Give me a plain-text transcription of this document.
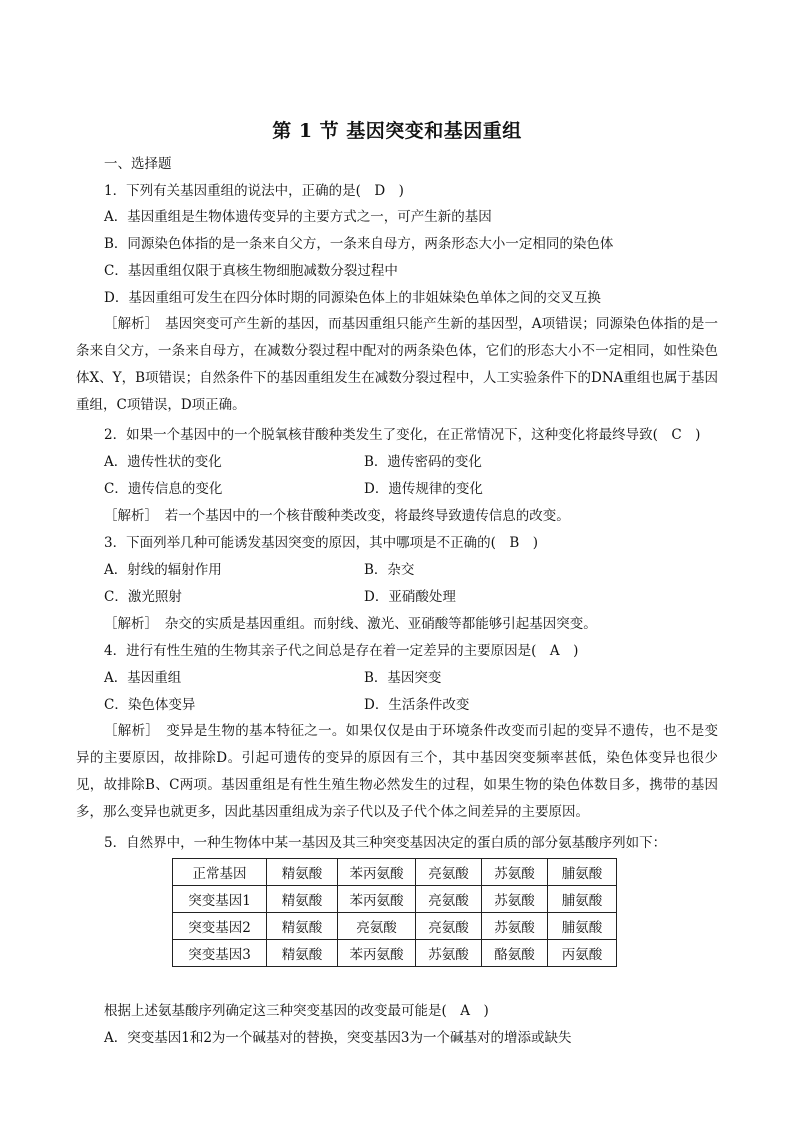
第 1 节 基因突变和基因重组
一、选择题
1．下列有关基因重组的说法中，正确的是(　D　)
A．基因重组是生物体遗传变异的主要方式之一，可产生新的基因
B．同源染色体指的是一条来自父方，一条来自母方，两条形态大小一定相同的染色体
C．基因重组仅限于真核生物细胞减数分裂过程中
D．基因重组可发生在四分体时期的同源染色体上的非姐妹染色单体之间的交叉互换
［解析］　基因突变可产生新的基因，而基因重组只能产生新的基因型，A项错误；同源染色体指的是一条来自父方，一条来自母方，在减数分裂过程中配对的两条染色体，它们的形态大小不一定相同，如性染色体X、Y，B项错误；自然条件下的基因重组发生在减数分裂过程中，人工实验条件下的DNA重组也属于基因重组，C项错误，D项正确。
2．如果一个基因中的一个脱氧核苷酸种类发生了变化，在正常情况下，这种变化将最终导致(　C　)
A．遗传性状的变化	B．遗传密码的变化
C．遗传信息的变化	D．遗传规律的变化
［解析］　若一个基因中的一个核苷酸种类改变，将最终导致遗传信息的改变。
3．下面列举几种可能诱发基因突变的原因，其中哪项是不正确的(　B　)
A．射线的辐射作用	B．杂交
C．激光照射	D．亚硝酸处理
［解析］　杂交的实质是基因重组。而射线、激光、亚硝酸等都能够引起基因突变。
4．进行有性生殖的生物其亲子代之间总是存在着一定差异的主要原因是(　A　)
A．基因重组	B．基因突变
C．染色体变异	D．生活条件改变
［解析］　变异是生物的基本特征之一。如果仅仅是由于环境条件改变而引起的变异不遗传，也不是变异的主要原因，故排除D。引起可遗传的变异的原因有三个，其中基因突变频率甚低，染色体变异也很少见，故排除B、C两项。基因重组是有性生殖生物必然发生的过程，如果生物的染色体数目多，携带的基因多，那么变异也就更多，因此基因重组成为亲子代以及子代个体之间差异的主要原因。
5．自然界中，一种生物体中某一基因及其三种突变基因决定的蛋白质的部分氨基酸序列如下：
正常基因	精氨酸	苯丙氨酸	亮氨酸	苏氨酸	脯氨酸
突变基因1	精氨酸	苯丙氨酸	亮氨酸	苏氨酸	脯氨酸
突变基因2	精氨酸	亮氨酸	亮氨酸	苏氨酸	脯氨酸
突变基因3	精氨酸	苯丙氨酸	苏氨酸	酪氨酸	丙氨酸
根据上述氨基酸序列确定这三种突变基因的改变最可能是(　A　)
A．突变基因1和2为一个碱基对的替换，突变基因3为一个碱基对的增添或缺失
